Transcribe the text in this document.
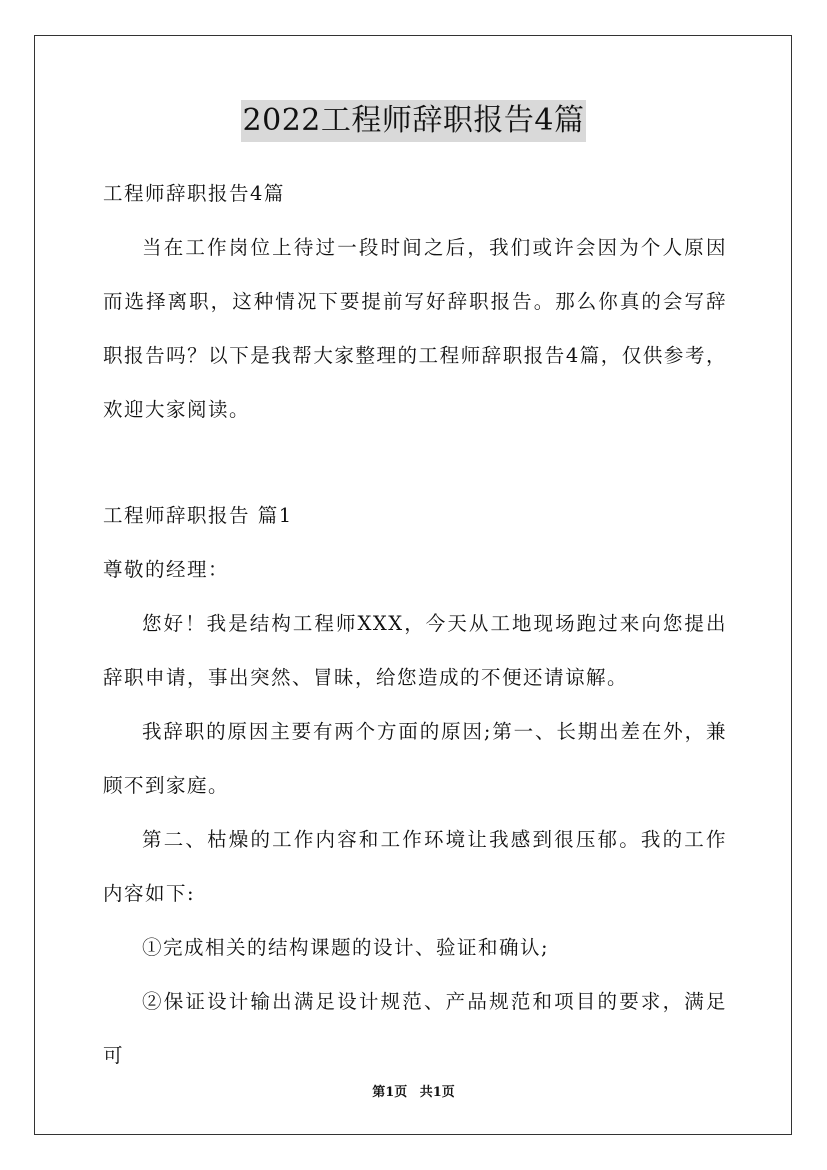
2022工程师辞职报告4篇

工程师辞职报告4篇

当在工作岗位上待过一段时间之后，我们或许会因为个人原因而选择离职，这种情况下要提前写好辞职报告。那么你真的会写辞职报告吗？以下是我帮大家整理的工程师辞职报告4篇，仅供参考，欢迎大家阅读。

工程师辞职报告 篇1

尊敬的经理：

您好！我是结构工程师XXX，今天从工地现场跑过来向您提出辞职申请，事出突然、冒昧，给您造成的不便还请谅解。

我辞职的原因主要有两个方面的原因;第一、长期出差在外，兼顾不到家庭。

第二、枯燥的工作内容和工作环境让我感到很压郁。我的工作内容如下:

①完成相关的结构课题的设计、验证和确认;

②保证设计输出满足设计规范、产品规范和项目的要求，满足可

第1页 共1页
